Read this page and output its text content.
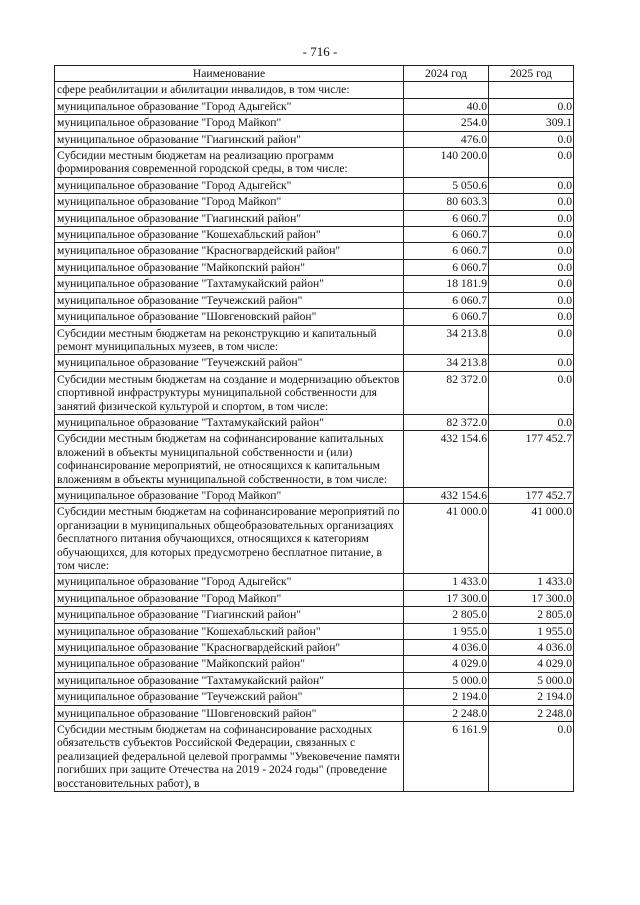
- 716 -
Наименование	2024 год	2025 год
сфере реабилитации и абилитации инвалидов, в том числе:		
муниципальное образование "Город Адыгейск"	40.0	0.0
муниципальное образование "Город Майкоп"	254.0	309.1
муниципальное образование "Гиагинский район"	476.0	0.0
Субсидии местным бюджетам на реализацию программ формирования современной городской среды, в том числе:	140 200.0	0.0
муниципальное образование "Город Адыгейск"	5 050.6	0.0
муниципальное образование "Город Майкоп"	80 603.3	0.0
муниципальное образование "Гиагинский район"	6 060.7	0.0
муниципальное образование "Кошехабльский район"	6 060.7	0.0
муниципальное образование "Красногвардейский район"	6 060.7	0.0
муниципальное образование "Майкопский район"	6 060.7	0.0
муниципальное образование "Тахтамукайский район"	18 181.9	0.0
муниципальное образование "Теучежский район"	6 060.7	0.0
муниципальное образование "Шовгеновский район"	6 060.7	0.0
Субсидии местным бюджетам на реконструкцию и капитальный ремонт муниципальных музеев, в том числе:	34 213.8	0.0
муниципальное образование "Теучежский район"	34 213.8	0.0
Субсидии местным бюджетам на создание и модернизацию объектов спортивной инфраструктуры муниципальной собственности для занятий физической культурой и спортом, в том числе:	82 372.0	0.0
муниципальное образование "Тахтамукайский район"	82 372.0	0.0
Субсидии местным бюджетам на софинансирование капитальных вложений в объекты муниципальной собственности и (или) софинансирование мероприятий, не относящихся к капитальным вложениям в объекты муниципальной собственности, в том числе:	432 154.6	177 452.7
муниципальное образование "Город Майкоп"	432 154.6	177 452.7
Субсидии местным бюджетам на софинансирование мероприятий по организации в муниципальных общеобразовательных организациях бесплатного питания обучающихся, относящихся к категориям обучающихся, для которых предусмотрено бесплатное питание, в том числе:	41 000.0	41 000.0
муниципальное образование "Город Адыгейск"	1 433.0	1 433.0
муниципальное образование "Город Майкоп"	17 300.0	17 300.0
муниципальное образование "Гиагинский район"	2 805.0	2 805.0
муниципальное образование "Кошехабльский район"	1 955.0	1 955.0
муниципальное образование "Красногвардейский район"	4 036.0	4 036.0
муниципальное образование "Майкопский район"	4 029.0	4 029.0
муниципальное образование "Тахтамукайский район"	5 000.0	5 000.0
муниципальное образование "Теучежский район"	2 194.0	2 194.0
муниципальное образование "Шовгеновский район"	2 248.0	2 248.0
Субсидии местным бюджетам на софинансирование расходных обязательств субъектов Российской Федерации, связанных с реализацией федеральной целевой программы "Увековечение памяти погибших при защите Отечества на 2019 - 2024 годы" (проведение восстановительных работ), в	6 161.9	0.0
